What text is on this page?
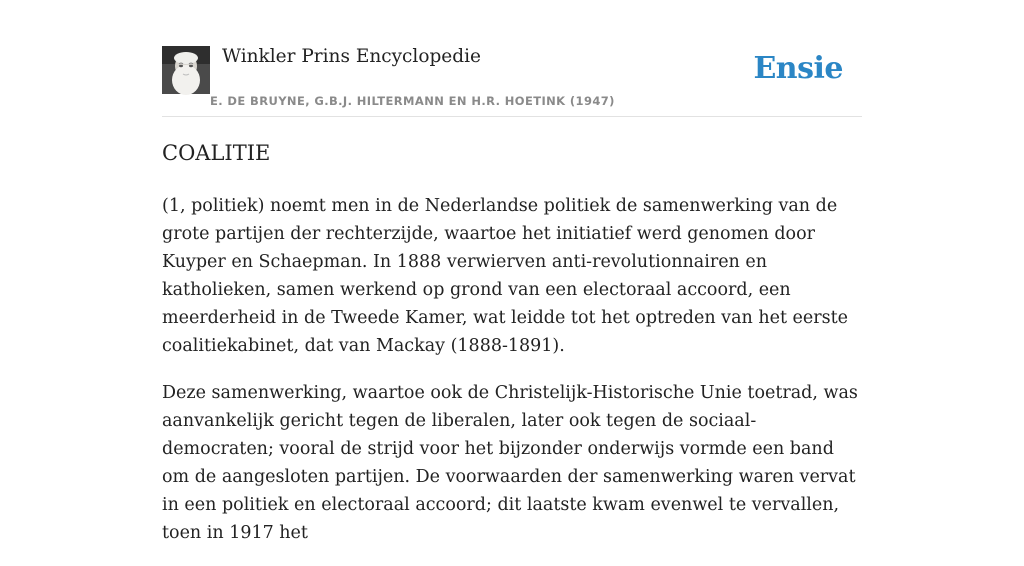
Winkler Prins Encyclopedie
E. DE BRUYNE, G.B.J. HILTERMANN EN H.R. HOETINK (1947)
Ensie
COALITIE

(1, politiek) noemt men in de Nederlandse politiek de samenwerking van de grote partijen der rechterzijde, waartoe het initiatief werd genomen door Kuyper en Schaepman. In 1888 verwierven anti-revolutionnairen en katholieken, samen werkend op grond van een electoraal accoord, een meerderheid in de Tweede Kamer, wat leidde tot het optreden van het eerste coalitiekabinet, dat van Mackay (1888-1891).

Deze samenwerking, waartoe ook de Christelijk-Historische Unie toetrad, was aanvankelijk gericht tegen de liberalen, later ook tegen de sociaal-democraten; vooral de strijd voor het bijzonder onderwijs vormde een band om de aangesloten partijen. De voorwaarden der samenwerking waren vervat in een politiek en electoraal accoord; dit laatste kwam evenwel te vervallen, toen in 1917 het
